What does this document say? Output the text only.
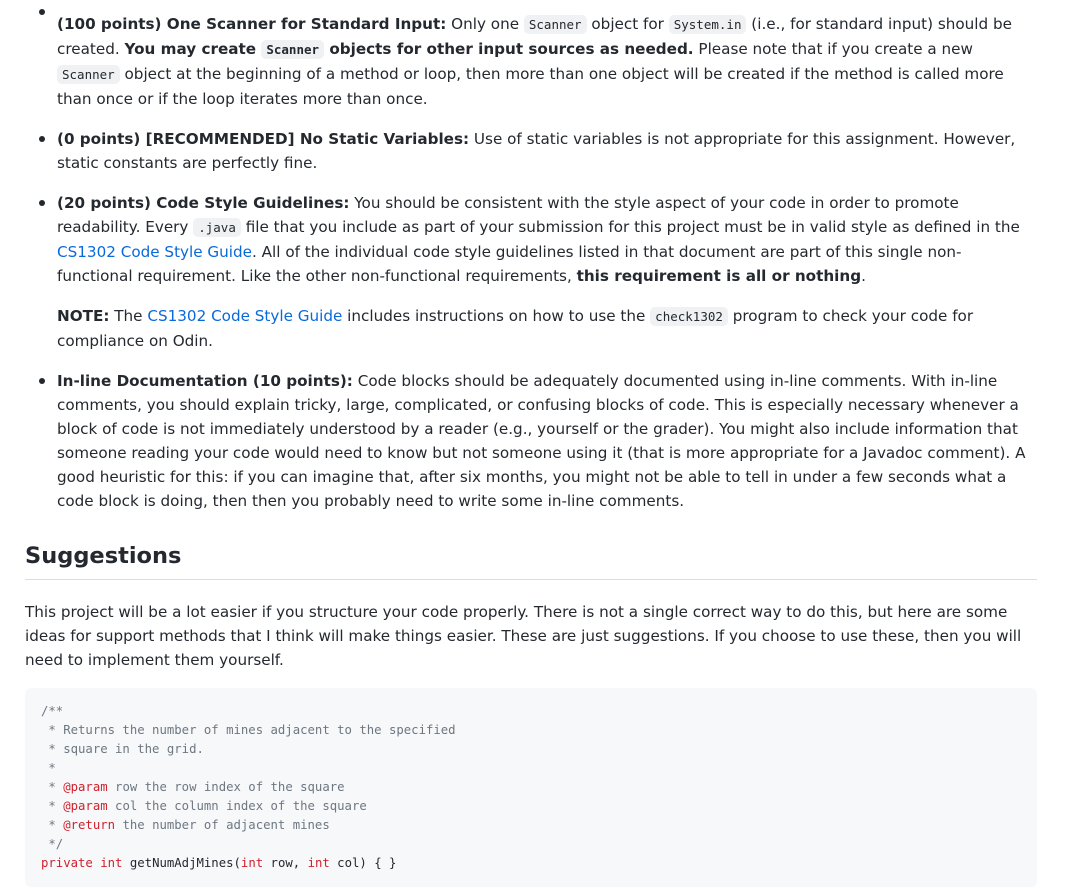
(100 points) One Scanner for Standard Input: Only one Scanner object for System.in (i.e., for standard input) should be created. You may create Scanner objects for other input sources as needed. Please note that if you create a new Scanner object at the beginning of a method or loop, then more than one object will be created if the method is called more than once or if the loop iterates more than once.
(0 points) [RECOMMENDED] No Static Variables: Use of static variables is not appropriate for this assignment. However, static constants are perfectly fine.

(20 points) Code Style Guidelines: You should be consistent with the style aspect of your code in order to promote readability. Every .java file that you include as part of your submission for this project must be in valid style as defined in the CS1302 Code Style Guide. All of the individual code style guidelines listed in that document are part of this single non-functional requirement. Like the other non-functional requirements, this requirement is all or nothing.

NOTE: The CS1302 Code Style Guide includes instructions on how to use the check1302 program to check your code for compliance on Odin.

In-line Documentation (10 points): Code blocks should be adequately documented using in-line comments. With in-line comments, you should explain tricky, large, complicated, or confusing blocks of code. This is especially necessary whenever a block of code is not immediately understood by a reader (e.g., yourself or the grader). You might also include information that someone reading your code would need to know but not someone using it (that is more appropriate for a Javadoc comment). A good heuristic for this: if you can imagine that, after six months, you might not be able to tell in under a few seconds what a code block is doing, then then you probably need to write some in-line comments.
Suggestions

This project will be a lot easier if you structure your code properly. There is not a single correct way to do this, but here are some ideas for support methods that I think will make things easier. These are just suggestions. If you choose to use these, then you will need to implement them yourself.

/**
* Returns the number of mines adjacent to the specified
* square in the grid.
*
* @param row the row index of the square
* @param col the column index of the square
* @return the number of adjacent mines
*/
private int getNumAdjMines(int row, int col) { }
